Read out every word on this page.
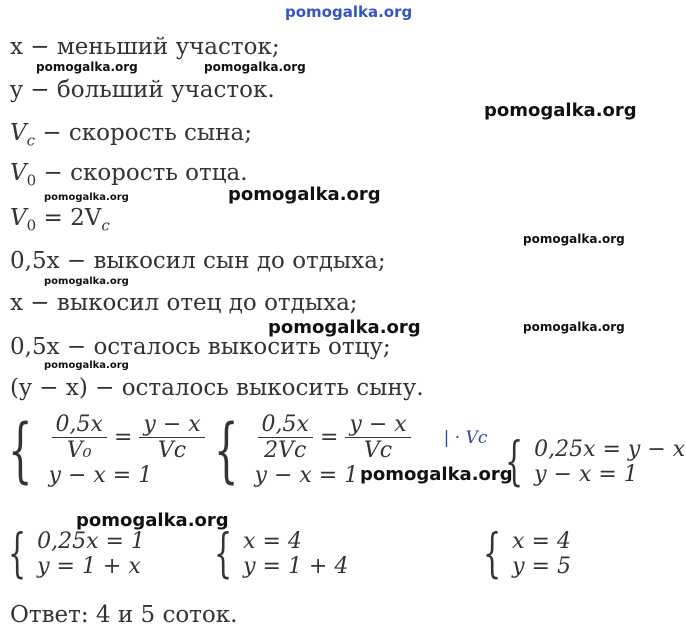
pomogalka.org
x − меньший участок;
y − больший участок.
$V_c$ − скорость сына;
$V_0$ − скорость отца.
$V_0 = 2V_c$
0,5x − выкосил сын до отдыха;
x − выкосил отец до отдыха;
0,5x − осталось выкосить отцу;
(y − x) − осталось выкосить сыну.
{ $\frac{0,5x}{\text{V₀}} = \frac{y - x}{Vc}$
y − x = 1 { $\frac{0,5x}{2Vc} = \frac{y - x}{Vc}$ | · Vc
y − x = 1	{ 0,25x = y − x
y − x = 1
{ 0,25x = 1
y = 1 + x { x = 4
y = 1 + 4	{ x = 4
y = 5
Ответ: 4 и 5 соток.
pomogalka.org	pomogalka.org
pomogalka.org
pomogalka.org	pomogalka.org
pomogalka.org
pomogalka.org
pomogalka.org	pomogalka.org
pomogalka.org
pomogalka.org
pomogalka.org
